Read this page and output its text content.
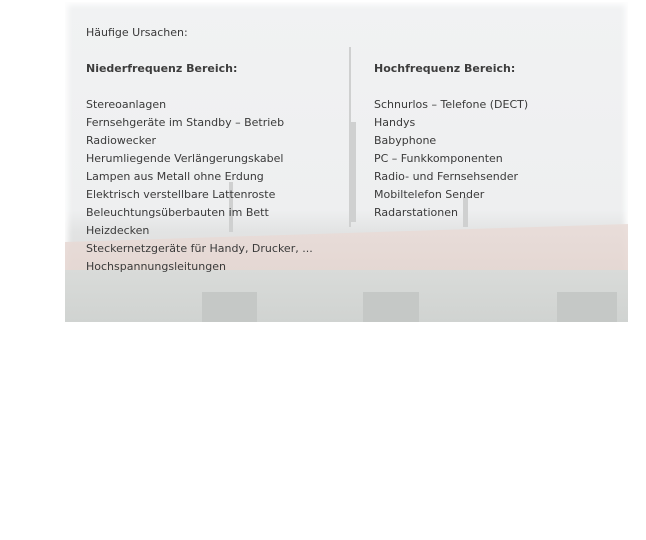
Häufige Ursachen:
Niederfrequenz Bereich:
Stereoanlagen
Fernsehgeräte im Standby – Betrieb
Radiowecker
Herumliegende Verlängerungskabel
Lampen aus Metall ohne Erdung
Elektrisch verstellbare Lattenroste
Beleuchtungsüberbauten im Bett
Heizdecken
Steckernetzgeräte für Handy, Drucker, ...
Hochspannungsleitungen
Hochfrequenz Bereich:
Schnurlos – Telefone (DECT)
Handys
Babyphone
PC – Funkkomponenten
Radio- und Fernsehsender
Mobiltelefon Sender
Radarstationen
